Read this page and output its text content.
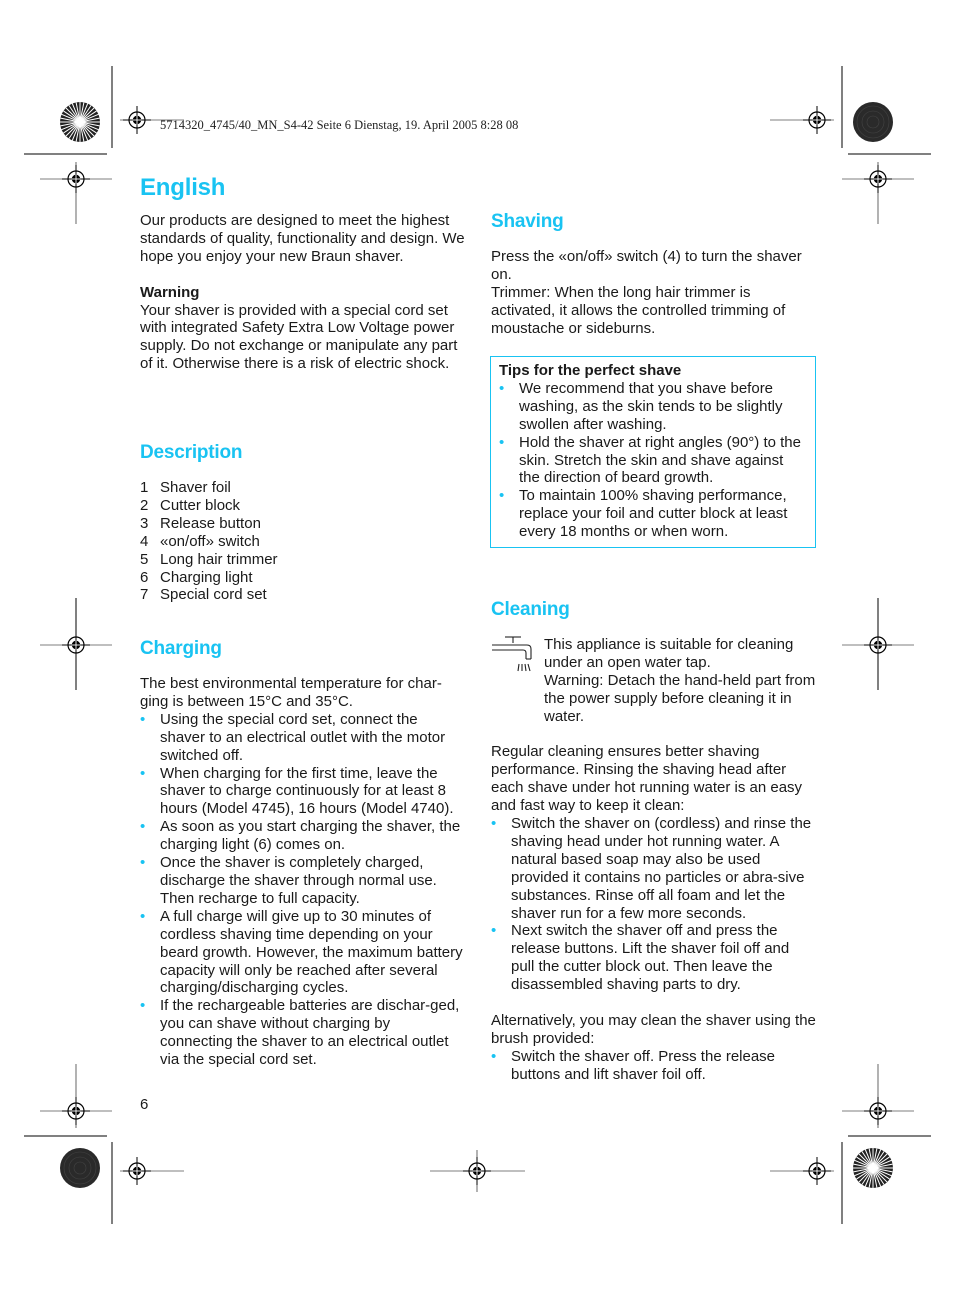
5714320_4745/40_MN_S4-42 Seite 6 Dienstag, 19. April 2005 8:28 08
English

Our products are designed to meet the highest standards of quality, functionality and design. We hope you enjoy your new Braun shaver.

Warning

Your shaver is provided with a special cord set with integrated Safety Extra Low Voltage power supply. Do not exchange or manipulate any part of it. Otherwise there is a risk of electric shock.

Description
1 Shaver foil
2 Cutter block
3 Release button
4 «on/off» switch
5 Long hair trimmer
6 Charging light
7 Special cord set
Charging

The best environmental temperature for char-ging is between 15°C and 35°C.

• Using the special cord set, connect the shaver to an electrical outlet with the motor switched off.
• When charging for the first time, leave the shaver to charge continuously for at least 8 hours (Model 4745), 16 hours (Model 4740).
• As soon as you start charging the shaver, the charging light (6) comes on.
• Once the shaver is completely charged, discharge the shaver through normal use. Then recharge to full capacity.
• A full charge will give up to 30 minutes of cordless shaving time depending on your beard growth. However, the maximum battery capacity will only be reached after several charging/discharging cycles.
• If the rechargeable batteries are dischar-ged, you can shave without charging by connecting the shaver to an electrical outlet via the special cord set.
6
Shaving

Press the «on/off» switch (4) to turn the shaver on.

Trimmer: When the long hair trimmer is activated, it allows the controlled trimming of moustache or sideburns.

Tips for the perfect shave

• We recommend that you shave before washing, as the skin tends to be slightly swollen after washing.
• Hold the shaver at right angles (90°) to the skin. Stretch the skin and shave against the direction of beard growth.
• To maintain 100% shaving performance, replace your foil and cutter block at least every 18 months or when worn.
Cleaning

This appliance is suitable for cleaning under an open water tap.

Warning: Detach the hand-held part from the power supply before cleaning it in water.

Regular cleaning ensures better shaving performance. Rinsing the shaving head after each shave under hot running water is an easy and fast way to keep it clean:

• Switch the shaver on (cordless) and rinse the shaving head under hot running water. A natural based soap may also be used provided it contains no particles or abra-sive substances. Rinse off all foam and let the shaver run for a few more seconds.
• Next switch the shaver off and press the release buttons. Lift the shaver foil off and pull the cutter block out. Then leave the disassembled shaving parts to dry.

Alternatively, you may clean the shaver using the brush provided:

• Switch the shaver off. Press the release buttons and lift shaver foil off.
